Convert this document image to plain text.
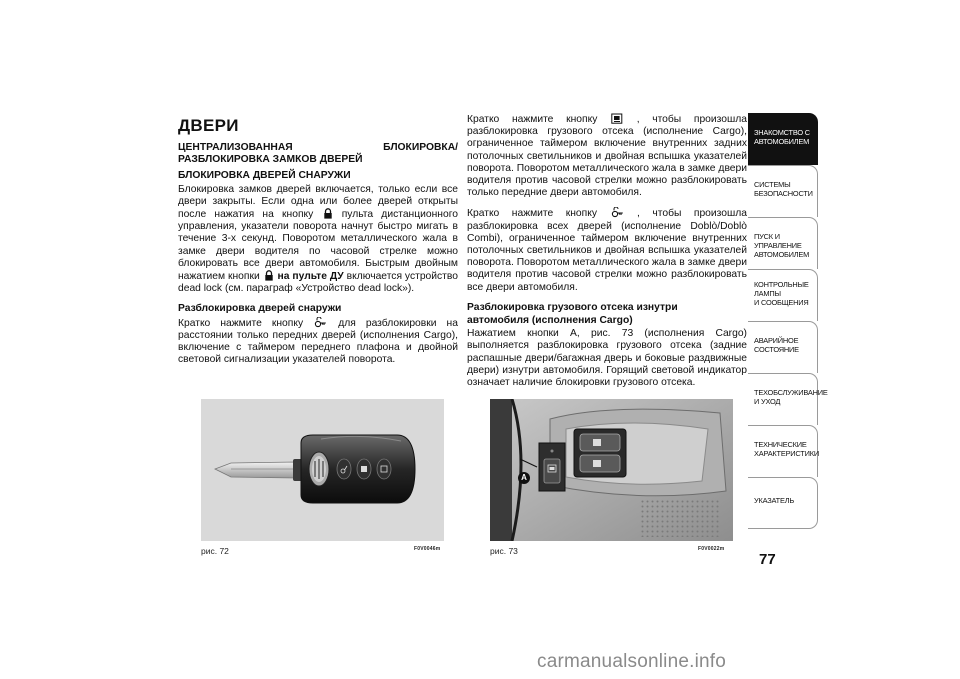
ДВЕРИ
ЦЕНТРАЛИЗОВАННАЯ БЛОКИРОВКА/РАЗБЛОКИРОВКА ЗАМКОВ ДВЕРЕЙ
БЛОКИРОВКА ДВЕРЕЙ СНАРУЖИ
Блокировка замков дверей включается, только если все двери закрыты. Если одна или более дверей открыты после нажатия на кнопку	пульта дистанционного управления, указатели поворота начнут быстро мигать в течение 3-х секунд. Поворотом металлического жала в замке двери водителя по часовой стрелке можно блокировать все двери автомобиля. Быстрым двойным нажатием кнопки на пульте ДУ включается устройство dead lock (см. параграф «Устройство dead lock»).
Разблокировка дверей снаружи
Кратко нажмите кнопку	для разблокировки на расстоянии только передних дверей (исполнения Cargo), включение с таймером переднего плафона и двойной световой сигнализации указателей поворота.
Кратко нажмите кнопку	, чтобы произошла разблокировка грузового отсека (исполнение Cargo), ограниченное таймером включение внутренних задних потолочных светильников и двойная вспышка указателей поворота. Поворотом металлического жала в замке двери водителя против часовой стрелки можно разблокировать только передние двери автомобиля.
Кратко нажмите кнопку	, чтобы произошла разблокировка всех дверей (исполнение Doblò/Doblò Combi), ограниченное таймером включение внутренних потолочных светильников и двойная вспышка указателей поворота. Поворотом металлического жала в замке двери водителя против часовой стрелки можно разблокировать все двери автомобиля.
Разблокировка грузового отсека изнутри
автомобиля (исполнения Cargo)
Нажатием кнопки А, рис. 73 (исполнения Cargo) выполняется разблокировка грузового отсека (задние распашные двери/багажная дверь и боковые раздвижные двери) изнутри автомобиля. Горящий световой индикатор означает наличие блокировки грузового отсека.
рис. 72	F0V0046m
A
рис. 73	F0V0022m
ЗНАКОМСТВО С
АВТОМОБИЛЕМ
СИСТЕМЫ
БЕЗОПАСНОСТИ
ПУСК И УПРАВЛЕНИЕ
АВТОМОБИЛЕМ
КОНТРОЛЬНЫЕ
ЛАМПЫ
И СООБЩЕНИЯ
АВАРИЙНОЕ
СОСТОЯНИЕ
ТЕХОБСЛУЖИВАНИЕ
И УХОД
ТЕХНИЧЕСКИЕ
ХАРАКТЕРИСТИКИ
УКАЗАТЕЛЬ
77
carmanualsonline.info
